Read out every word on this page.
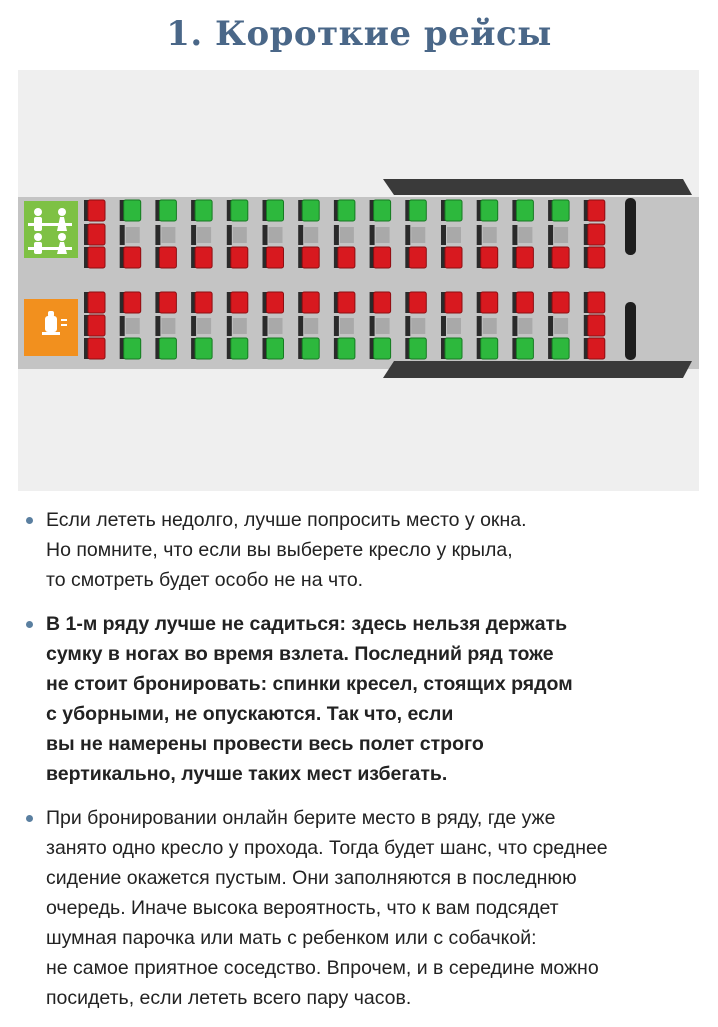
1. Короткие рейсы
Если лететь недолго, лучше попросить место у окна.
Но помните, что если вы выберете кресло у крыла,
то смотреть будет особо не на что.
В 1-м ряду лучше не садиться: здесь нельзя держать
сумку в ногах во время взлета. Последний ряд тоже
не стоит бронировать: спинки кресел, стоящих рядом
с уборными, не опускаются. Так что, если
вы не намерены провести весь полет строго
вертикально, лучше таких мест избегать.
При бронировании онлайн берите место в ряду, где уже
занято одно кресло у прохода. Тогда будет шанс, что среднее
сидение окажется пустым. Они заполняются в последнюю
очередь. Иначе высока вероятность, что к вам подсядет
шумная парочка или мать с ребенком или с собачкой:
не самое приятное соседство. Впрочем, и в середине можно
посидеть, если лететь всего пару часов.
